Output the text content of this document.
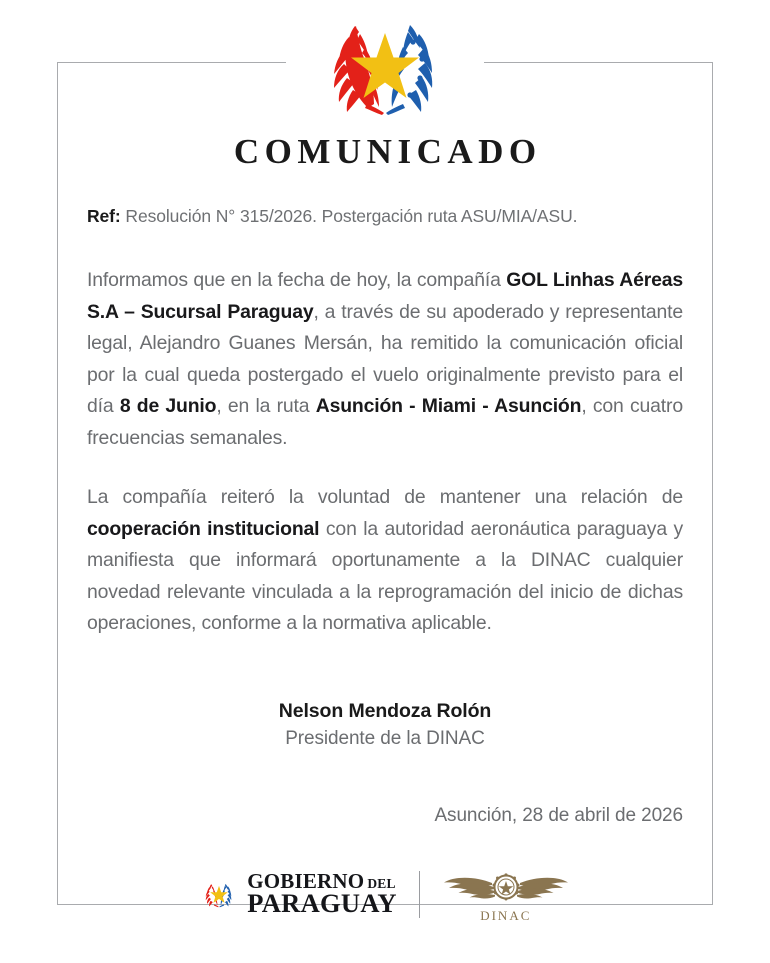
COMUNICADO

Ref: Resolución N° 315/2026. Postergación ruta ASU/MIA/ASU.

Informamos que en la fecha de hoy, la compañía GOL Linhas Aéreas S.A – Sucursal Paraguay, a través de su apoderado y representante legal, Alejandro Guanes Mersán, ha remitido la comunicación oficial por la cual queda postergado el vuelo originalmente previsto para el día 8 de Junio, en la ruta Asunción - Miami - Asunción, con cuatro frecuencias semanales.

La compañía reiteró la voluntad de mantener una relación de cooperación institucional con la autoridad aeronáutica paraguaya y manifiesta que informará oportunamente a la DINAC cualquier novedad relevante vinculada a la reprogramación del inicio de dichas operaciones, conforme a la normativa aplicable.

Nelson Mendoza Rolón
Presidente de la DINAC
Asunción, 28 de abril de 2026
GOBIERNO DEL
PARAGUAY	DINAC
